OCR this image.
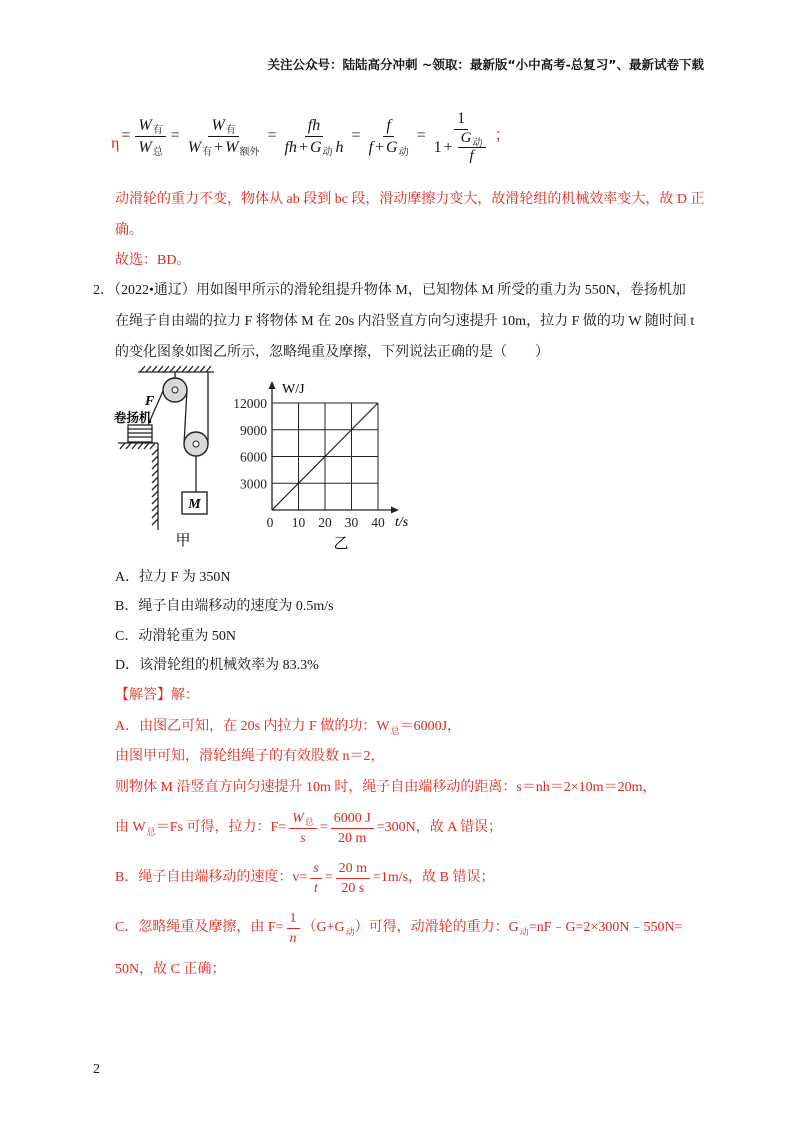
关注公众号：陆陆高分冲刺 ~领取：最新版“小中高考-总复习”、最新试卷下载
$\eta = \frac{\text{W 有}}{\text{W 总}} = \frac{\text{W 有}}{\text{W 有 + W 额外}} = \frac{fh}{\text{fh + G 动 h}} = \frac{f}{\text{f + G 动}}$ =
1
$1 + \frac{\text{G 动}}{f}$ ；
动滑轮的重力不变，物体从 ab 段到 bc 段，滑动摩擦力变大，故滑轮组的机械效率变大，故 D 正
确。
故选：BD。
2．（2022•通辽）用如图甲所示的滑轮组提升物体 M，已知物体 M 所受的重力为 550N，卷扬机加
在绳子自由端的拉力 F 将物体 M 在 20s 内沿竖直方向匀速提升 10m，拉力 F 做的功 W 随时间 t
的变化图象如图乙所示，忽略绳重及摩擦，下列说法正确的是（　　）
M
卷扬机
F
甲
W/J
t/s
乙
0 10 20 30 40
3000
6000
9000
12000
A．拉力 F 为 350N
B．绳子自由端移动的速度为 0.5m/s
C．动滑轮重为 50N
D．该滑轮组的机械效率为 83.3%
【解答】解：
A．由图乙可知，在 20s 内拉力 F 做的功：$W_总=6000J$，
由图甲可知，滑轮组绳子的有效股数 n＝2，
则物体 M 沿竖直方向匀速提升 10m 时，绳子自由端移动的距离：s＝nh＝2×10m＝20m，
由 W 总 ＝Fs 可得，拉力：$F= \frac{\text{W 总}}{s} = \frac{6000 J}{20 m} =300N$，故 A 错误；
B．绳子自由端移动的速度：$v= \frac{s}{t} = \frac{20 m}{20 s} =1m/s$，故 B 错误；
C．忽略绳重及摩擦，由 $F= \frac{1}{n} (G+G$ 动 ）可得，动滑轮的重力：G 动 =nF﹣G=2×300N﹣550N=
50N，故 C 正确；
2
